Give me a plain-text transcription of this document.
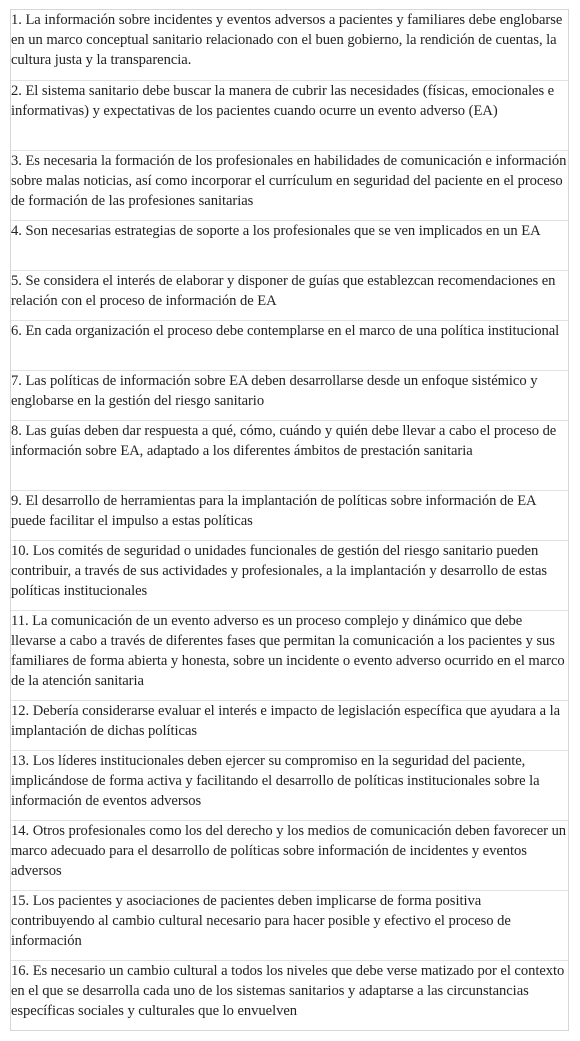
1. La información sobre incidentes y eventos adversos a pacientes y familiares debe englobarse en un marco conceptual sanitario relacionado con el buen gobierno, la rendición de cuentas, la cultura justa y la transparencia.
2. El sistema sanitario debe buscar la manera de cubrir las necesidades (físicas, emocionales e informativas) y expectativas de los pacientes cuando ocurre un evento adverso (EA)
3. Es necesaria la formación de los profesionales en habilidades de comunicación e información sobre malas noticias, así como incorporar el currículum en seguridad del paciente en el proceso de formación de las profesiones sanitarias
4. Son necesarias estrategias de soporte a los profesionales que se ven implicados en un EA
5. Se considera el interés de elaborar y disponer de guías que establezcan recomendaciones en relación con el proceso de información de EA
6. En cada organización el proceso debe contemplarse en el marco de una política institucional
7. Las políticas de información sobre EA deben desarrollarse desde un enfoque sistémico y englobarse en la gestión del riesgo sanitario
8. Las guías deben dar respuesta a qué, cómo, cuándo y quién debe llevar a cabo el proceso de información sobre EA, adaptado a los diferentes ámbitos de prestación sanitaria
9. El desarrollo de herramientas para la implantación de políticas sobre información de EA puede facilitar el impulso a estas políticas
10. Los comités de seguridad o unidades funcionales de gestión del riesgo sanitario pueden contribuir, a través de sus actividades y profesionales, a la implantación y desarrollo de estas políticas institucionales
11. La comunicación de un evento adverso es un proceso complejo y dinámico que debe llevarse a cabo a través de diferentes fases que permitan la comunicación a los pacientes y sus familiares de forma abierta y honesta, sobre un incidente o evento adverso ocurrido en el marco de la atención sanitaria
12. Debería considerarse evaluar el interés e impacto de legislación específica que ayudara a la implantación de dichas políticas
13. Los líderes institucionales deben ejercer su compromiso en la seguridad del paciente, implicándose de forma activa y facilitando el desarrollo de políticas institucionales sobre la información de eventos adversos
14. Otros profesionales como los del derecho y los medios de comunicación deben favorecer un marco adecuado para el desarrollo de políticas sobre información de incidentes y eventos adversos
15. Los pacientes y asociaciones de pacientes deben implicarse de forma positiva contribuyendo al cambio cultural necesario para hacer posible y efectivo el proceso de información
16. Es necesario un cambio cultural a todos los niveles que debe verse matizado por el contexto en el que se desarrolla cada uno de los sistemas sanitarios y adaptarse a las circunstancias específicas sociales y culturales que lo envuelven
